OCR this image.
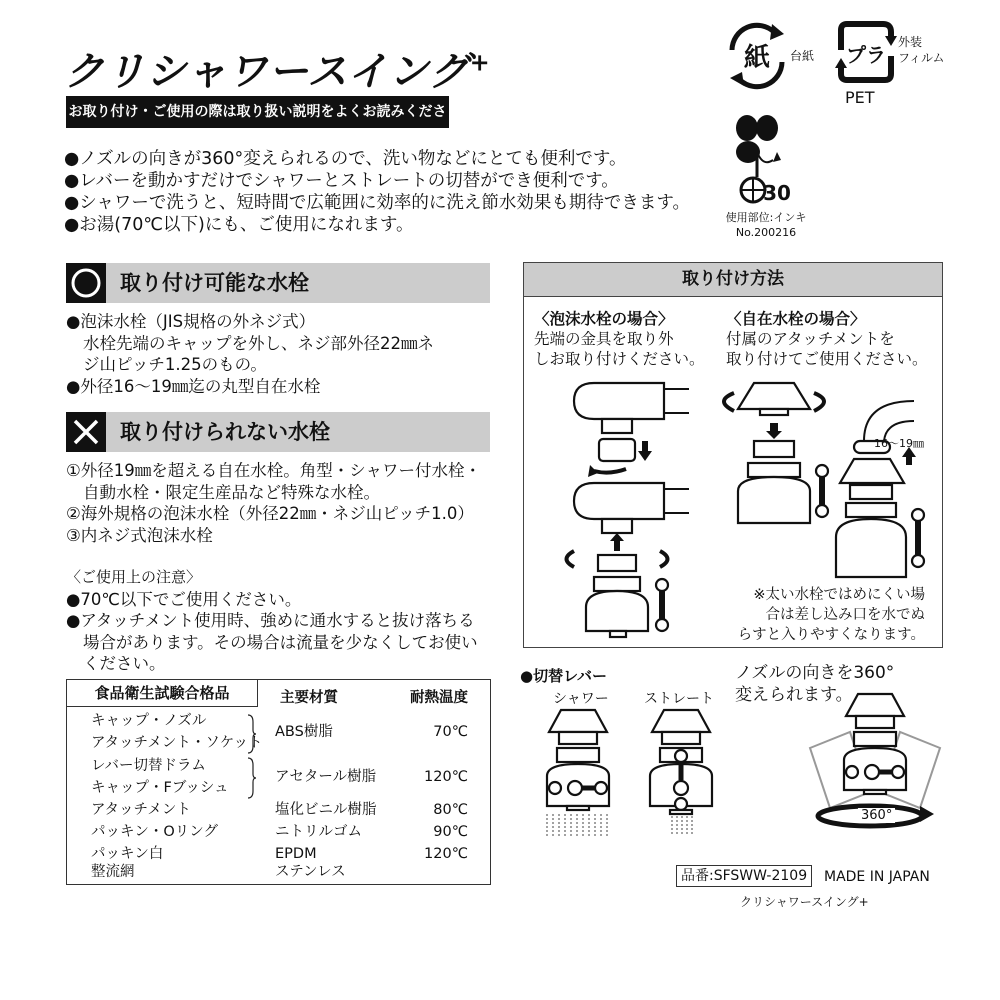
クリシャワースイング+
お取り付け・ご使用の際は取り扱い説明をよくお読みください。
紙 台紙 プラ
外装
フィルム
PET
30
使用部位:インキ
No.200216
●ノズルの向きが360°変えられるので、洗い物などにとても便利です。
●レバーを動かすだけでシャワーとストレートの切替ができ便利です。
●シャワーで洗うと、短時間で広範囲に効率的に洗え節水効果も期待できます。
●お湯(70℃以下)にも、ご使用になれます。
取り付け可能な水栓
●泡沫水栓（JIS規格の外ネジ式）
水栓先端のキャップを外し、ネジ部外径22㎜ネ
ジ山ピッチ1.25のもの。
●外径16～19㎜迄の丸型自在水栓
取り付けられない水栓
①外径19㎜を超える自在水栓。角型・シャワー付水栓・
自動水栓・限定生産品など特殊な水栓。
②海外規格の泡沫水栓（外径22㎜・ネジ山ピッチ1.0）
③内ネジ式泡沫水栓
〈ご使用上の注意〉
●70℃以下でご使用ください。
●アタッチメント使用時、強めに通水すると抜け落ちる
場合があります。その場合は流量を少なくしてお使い
ください。
食品衛生試験合格品	主要材質	耐熱温度
キャップ・ノズル
アタッチメント・ソケット
ABS樹脂	70℃
レバー切替ドラム
キャップ・Fブッシュ
アセタール樹脂	120℃
アタッチメント	塩化ビニル樹脂	80℃
パッキン・Oリング	ニトリルゴム	90℃
パッキン白	EPDM	120℃
整流網	ステンレス
取り付け方法
〈泡沫水栓の場合〉
先端の金具を取り外
しお取り付けください。
〈自在水栓の場合〉
付属のアタッチメントを
取り付けてご使用ください。
16～19㎜
※太い水栓ではめにくい場
合は差し込み口を水でぬ
らすと入りやすくなります。
●切替レバー
シャワー	ストレート
ノズルの向きを360°
変えられます。
360°
品番:SFSWW-2109	MADE IN JAPAN
クリシャワースイング+
